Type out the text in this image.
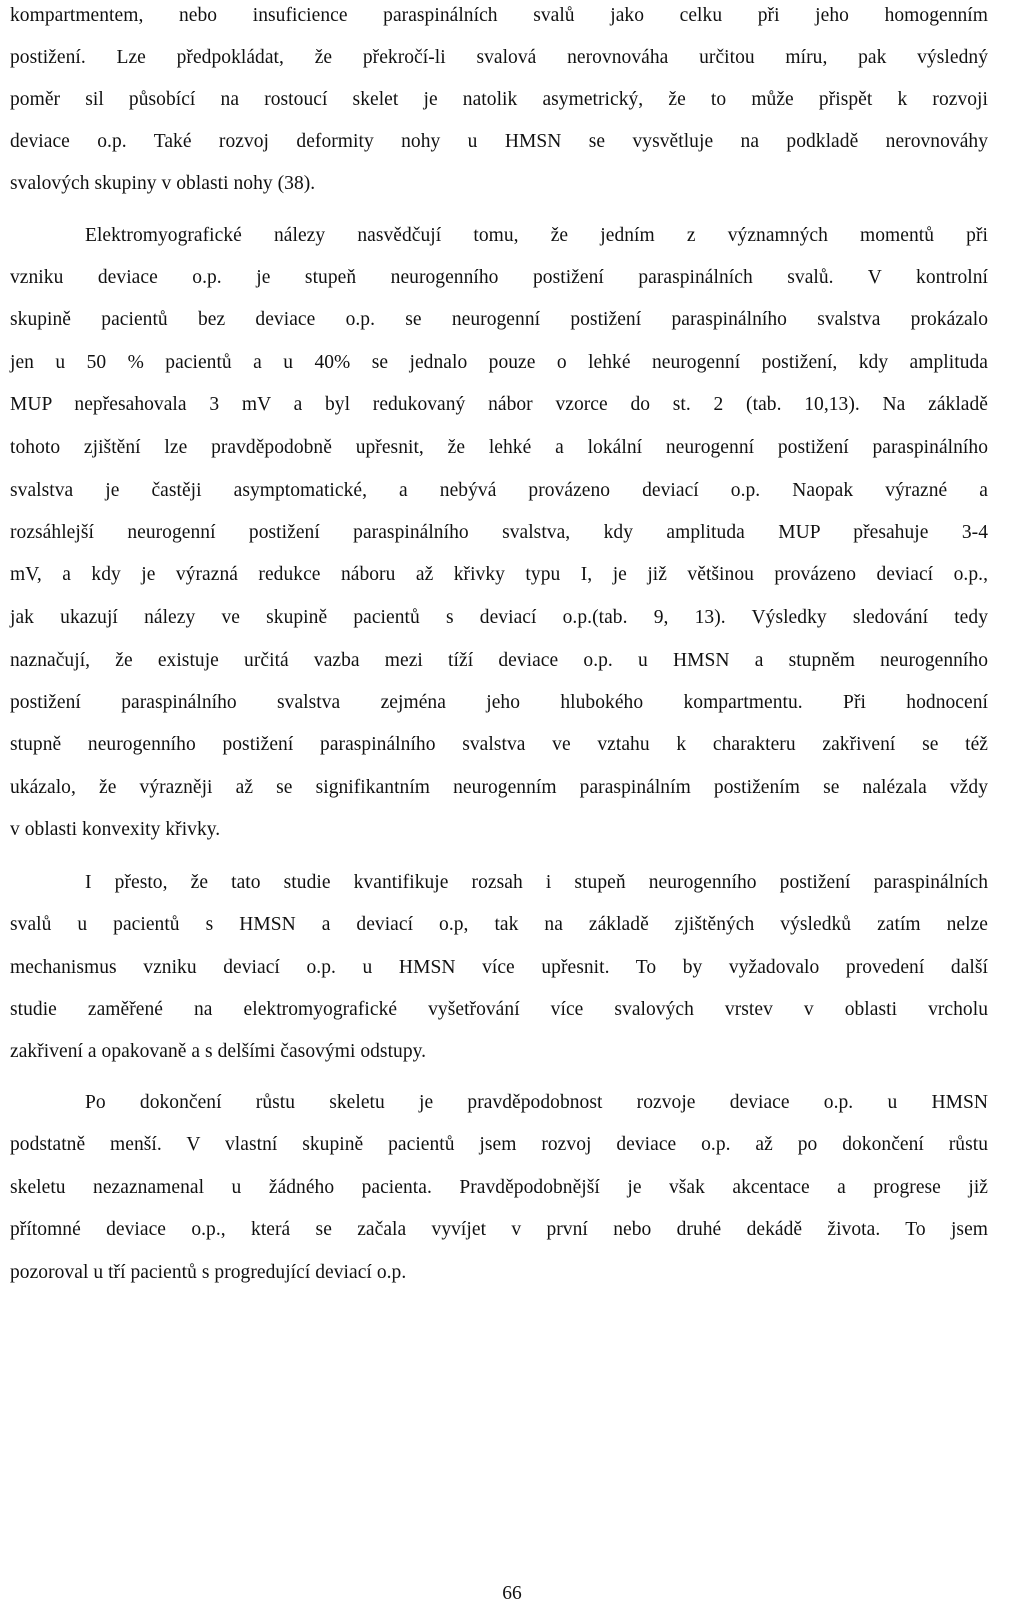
kompartmentem, nebo insuficience paraspinálních svalů jako celku při jeho homogenním
postižení. Lze předpokládat, že překročí-li svalová nerovnováha určitou míru, pak výsledný
poměr sil působící na rostoucí skelet je natolik asymetrický, že to může přispět k rozvoji
deviace o.p. Také rozvoj deformity nohy u HMSN se vysvětluje na podkladě nerovnováhy
svalových skupiny v oblasti nohy (38).
Elektromyografické nálezy nasvědčují tomu, že jedním z významných momentů při
vzniku deviace o.p. je stupeň neurogenního postižení paraspinálních svalů. V kontrolní
skupině pacientů bez deviace o.p. se neurogenní postižení paraspinálního svalstva prokázalo
jen u 50 % pacientů a u 40% se jednalo pouze o lehké neurogenní postižení, kdy amplituda
MUP nepřesahovala 3 mV a byl redukovaný nábor vzorce do st. 2 (tab. 10,13). Na základě
tohoto zjištění lze pravděpodobně upřesnit, že lehké a lokální neurogenní postižení paraspinálního
svalstva je častěji asymptomatické, a nebývá provázeno deviací o.p. Naopak výrazné a
rozsáhlejší neurogenní postižení paraspinálního svalstva, kdy amplituda MUP přesahuje 3-4
mV, a kdy je výrazná redukce náboru až křivky typu I, je již většinou provázeno deviací o.p.,
jak ukazují nálezy ve skupině pacientů s deviací o.p.(tab. 9, 13). Výsledky sledování tedy
naznačují, že existuje určitá vazba mezi tíží deviace o.p. u HMSN a stupněm neurogenního
postižení paraspinálního svalstva zejména jeho hlubokého kompartmentu. Při hodnocení
stupně neurogenního postižení paraspinálního svalstva ve vztahu k charakteru zakřivení se též
ukázalo, že výrazněji až se signifikantním neurogenním paraspinálním postižením se nalézala vždy
v oblasti konvexity křivky.
I přesto, že tato studie kvantifikuje rozsah i stupeň neurogenního postižení paraspinálních
svalů u pacientů s HMSN a deviací o.p, tak na základě zjištěných výsledků zatím nelze
mechanismus vzniku deviací o.p. u HMSN více upřesnit. To by vyžadovalo provedení další
studie zaměřené na elektromyografické vyšetřování více svalových vrstev v oblasti vrcholu
zakřivení a opakovaně a s delšími časovými odstupy.
Po dokončení růstu skeletu je pravděpodobnost rozvoje deviace o.p. u HMSN
podstatně menší. V vlastní skupině pacientů jsem rozvoj deviace o.p. až po dokončení růstu
skeletu nezaznamenal u žádného pacienta. Pravděpodobnější je však akcentace a progrese již
přítomné deviace o.p., která se začala vyvíjet v první nebo druhé dekádě života. To jsem
pozoroval u tří pacientů s progredující deviací o.p.
66
